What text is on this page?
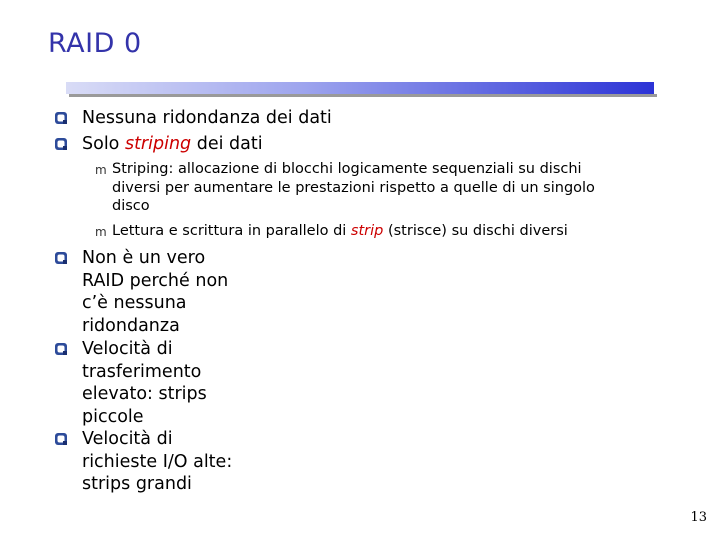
RAID 0
Nessuna ridondanza dei dati
Solo striping dei dati
m Striping: allocazione di blocchi logicamente sequenziali su dischi
diversi per aumentare le prestazioni rispetto a quelle di un singolo
disco
m Lettura e scrittura in parallelo di strip (strisce) su dischi diversi
Non è un vero
RAID perché non
c’è nessuna
ridondanza
Velocità di
trasferimento
elevato: strips
piccole
Velocità di
richieste I/O alte:
strips grandi
13
